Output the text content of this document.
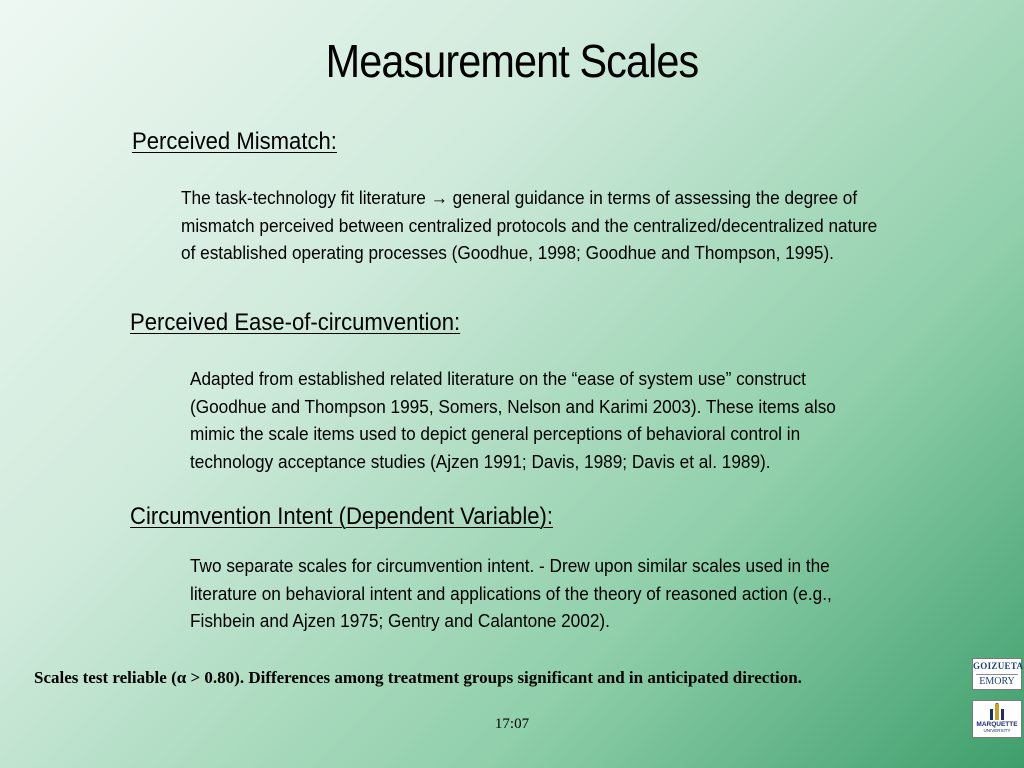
Measurement Scales
Perceived Mismatch:
The task-technology fit literature → general guidance in terms of assessing the degree of
mismatch perceived between centralized protocols and the centralized/decentralized nature
of established operating processes (Goodhue, 1998; Goodhue and Thompson, 1995).
Perceived Ease-of-circumvention:
Adapted from established related literature on the “ease of system use” construct
(Goodhue and Thompson 1995, Somers, Nelson and Karimi 2003). These items also
mimic the scale items used to depict general perceptions of behavioral control in
technology acceptance studies (Ajzen 1991; Davis, 1989; Davis et al. 1989).
Circumvention Intent (Dependent Variable):
Two separate scales for circumvention intent. - Drew upon similar scales used in the
literature on behavioral intent and applications of the theory of reasoned action (e.g.,
Fishbein and Ajzen 1975; Gentry and Calantone 2002).
Scales test reliable (α > 0.80). Differences among treatment groups significant and in anticipated direction.
17:07
GOIZUETA
EMORY
MARQUETTE
UNIVERSITY
